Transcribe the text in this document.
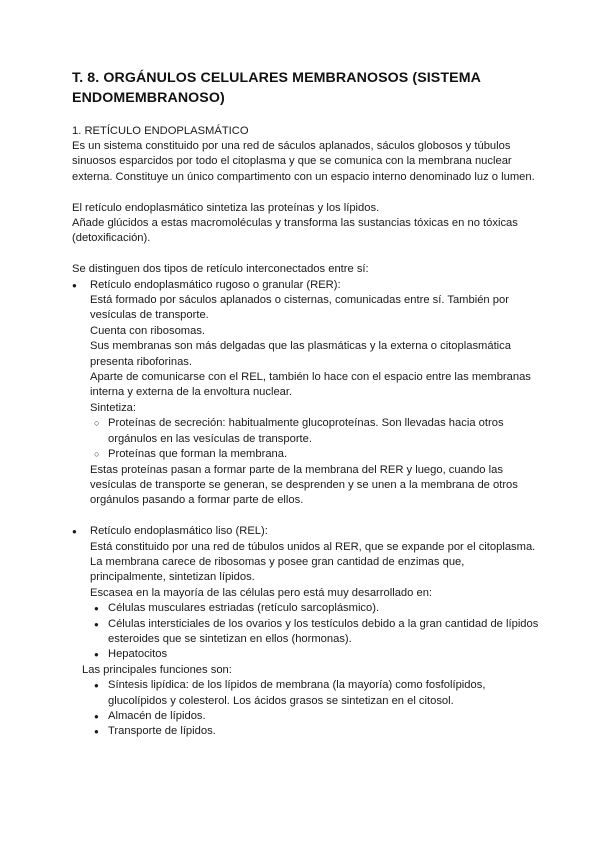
T. 8. ORGÁNULOS CELULARES MEMBRANOSOS (SISTEMA ENDOMEMBRANOSO)

1. RETÍCULO ENDOPLASMÁTICO

Es un sistema constituido por una red de sáculos aplanados, sáculos globosos y túbulos sinuosos esparcidos por todo el citoplasma y que se comunica con la membrana nuclear externa. Constituye un único compartimento con un espacio interno denominado luz o lumen.

El retículo endoplasmático sintetiza las proteínas y los lípidos.

Añade glúcidos a estas macromoléculas y transforma las sustancias tóxicas en no tóxicas (detoxificación).

Se distinguen dos tipos de retículo interconectados entre sí:

● Retículo endoplasmático rugoso o granular (RER):

Está formado por sáculos aplanados o cisternas, comunicadas entre sí. También por vesículas de transporte.

Cuenta con ribosomas.

Sus membranas son más delgadas que las plasmáticas y la externa o citoplasmática presenta riboforinas.

Aparte de comunicarse con el REL, también lo hace con el espacio entre las membranas interna y externa de la envoltura nuclear.

Sintetiza:

○ Proteínas de secreción: habitualmente glucoproteínas. Son llevadas hacia otros orgánulos en las vesículas de transporte.
○ Proteínas que forman la membrana.

Estas proteínas pasan a formar parte de la membrana del RER y luego, cuando las vesículas de transporte se generan, se desprenden y se unen a la membrana de otros orgánulos pasando a formar parte de ellos.

● Retículo endoplasmático liso (REL):

Está constituido por una red de túbulos unidos al RER, que se expande por el citoplasma.

La membrana carece de ribosomas y posee gran cantidad de enzimas que, principalmente, sintetizan lípidos.

Escasea en la mayoría de las células pero está muy desarrollado en:

● Células musculares estriadas (retículo sarcoplásmico).
● Células intersticiales de los ovarios y los testículos debido a la gran cantidad de lípidos esteroides que se sintetizan en ellos (hormonas).
● Hepatocitos

Las principales funciones son:

● Síntesis lipídica: de los lípidos de membrana (la mayoría) como fosfolípidos, glucolípidos y colesterol. Los ácidos grasos se sintetizan en el citosol.
● Almacén de lípidos.
● Transporte de lípidos.
